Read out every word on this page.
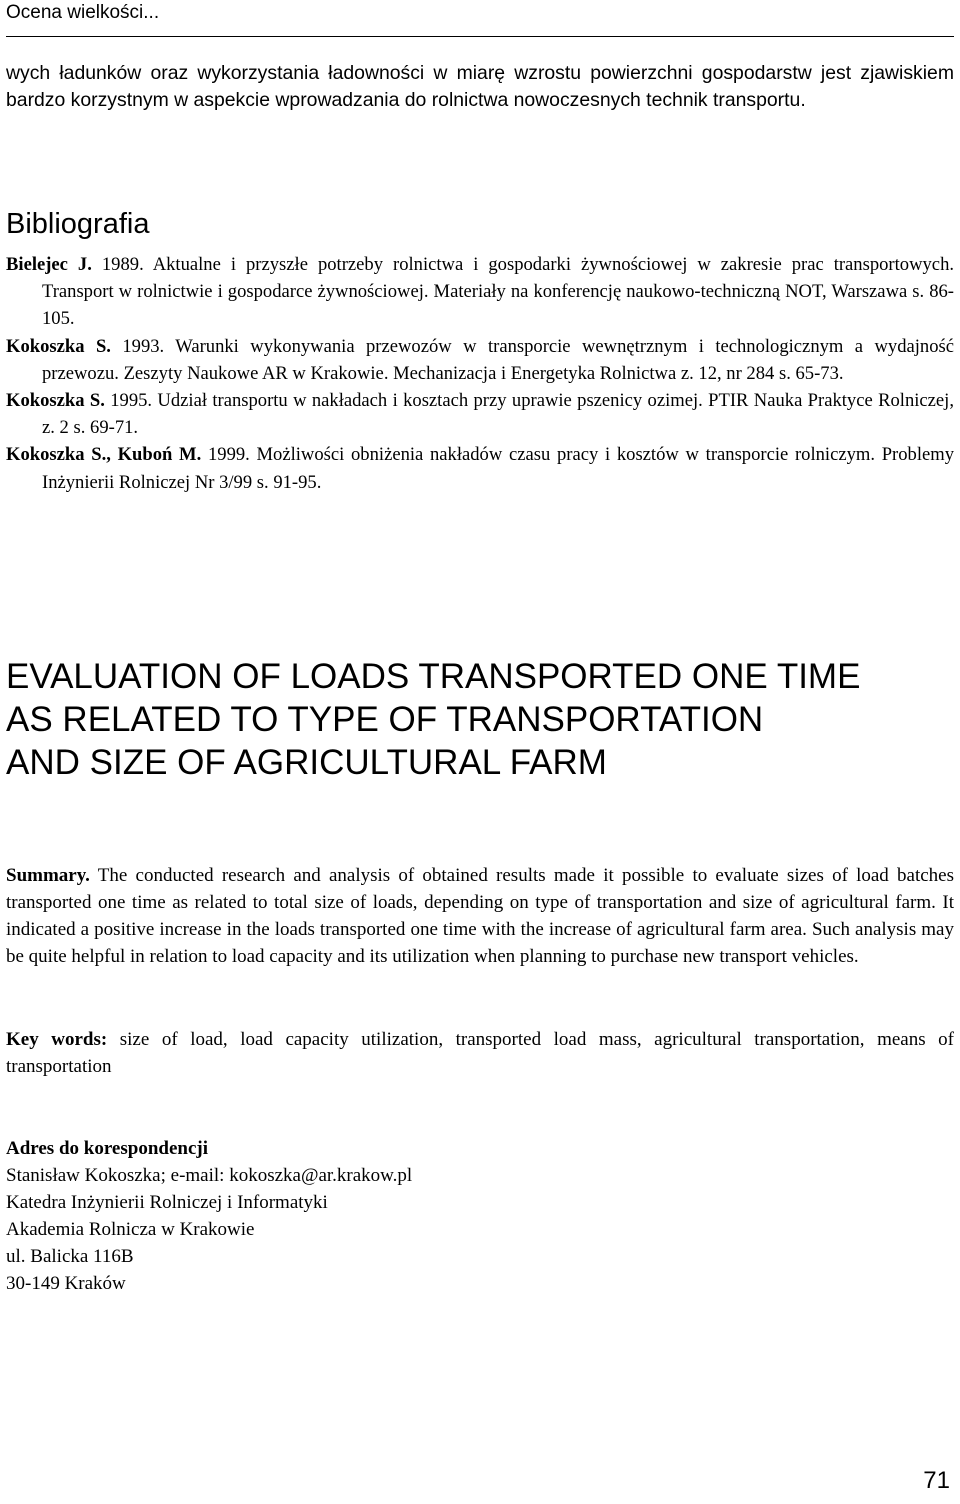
Ocena wielkości...

wych ładunków oraz wykorzystania ładowności w miarę wzrostu powierzchni gospodarstw jest zjawiskiem bardzo korzystnym w aspekcie wprowadzania do rolnictwa nowoczesnych technik transportu.

Bibliografia
Bielejec J. 1989. Aktualne i przyszłe potrzeby rolnictwa i gospodarki żywnościowej w zakresie prac transportowych. Transport w rolnictwie i gospodarce żywnościowej. Materiały na konferencję naukowo-techniczną NOT, Warszawa s. 86-105.
Kokoszka S. 1993. Warunki wykonywania przewozów w transporcie wewnętrznym i technologicznym a wydajność przewozu. Zeszyty Naukowe AR w Krakowie. Mechanizacja i Energetyka Rolnictwa z. 12, nr 284 s. 65-73.
Kokoszka S. 1995. Udział transportu w nakładach i kosztach przy uprawie pszenicy ozimej. PTIR Nauka Praktyce Rolniczej, z. 2 s. 69-71.
Kokoszka S., Kuboń M. 1999. Możliwości obniżenia nakładów czasu pracy i kosztów w transporcie rolniczym. Problemy Inżynierii Rolniczej Nr 3/99 s. 91-95.
EVALUATION OF LOADS TRANSPORTED ONE TIME
AS RELATED TO TYPE OF TRANSPORTATION
AND SIZE OF AGRICULTURAL FARM

Summary. The conducted research and analysis of obtained results made it possible to evaluate sizes of load batches transported one time as related to total size of loads, depending on type of transportation and size of agricultural farm. It indicated a positive increase in the loads transported one time with the increase of agricultural farm area. Such analysis may be quite helpful in relation to load capacity and its utilization when planning to purchase new transport vehicles.

Key words: size of load, load capacity utilization, transported load mass, agricultural transportation, means of transportation

Adres do korespondencji
Stanisław Kokoszka; e-mail: kokoszka@ar.krakow.pl
Katedra Inżynierii Rolniczej i Informatyki
Akademia Rolnicza w Krakowie
ul. Balicka 116B
30-149 Kraków
71
